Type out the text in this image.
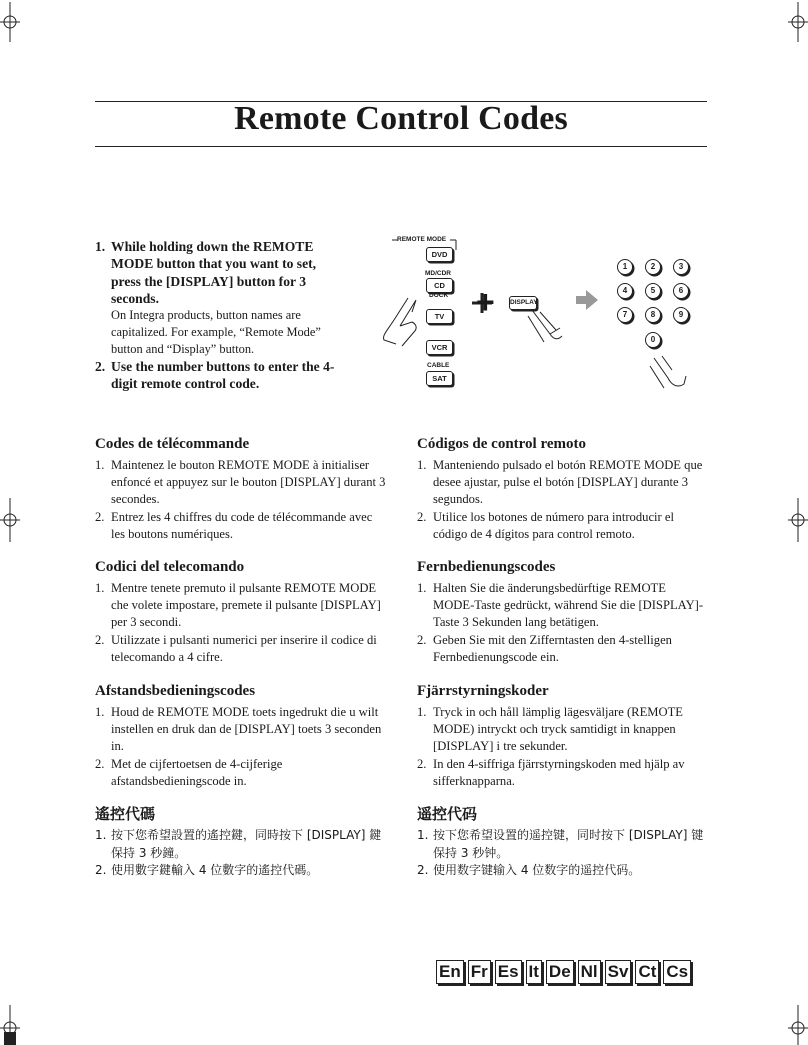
Remote Control Codes
1. While holding down the REMOTE MODE button that you want to set, press the [DISPLAY] button for 3 seconds.
On Integra products, button names are capitalized. For example, “Remote Mode” button and “Display” button.
2. Use the number buttons to enter the 4-digit remote control code.
REMOTE MODE
DVD
MD/CDR
CD
DOCK
TV
VCR
CABLE
SAT
+ DISPLAY
1	2	3
4	5	6
7	8	9
0
Codes de télécommande
1. Maintenez le bouton REMOTE MODE à initialiser enfoncé et appuyez sur le bouton [DISPLAY] durant 3 secondes.
2. Entrez les 4 chiffres du code de télécommande avec les boutons numériques.
Códigos de control remoto
1. Manteniendo pulsado el botón REMOTE MODE que desee ajustar, pulse el botón [DISPLAY] durante 3 segundos.
2. Utilice los botones de número para introducir el código de 4 dígitos para control remoto.
Codici del telecomando
1. Mentre tenete premuto il pulsante REMOTE MODE che volete impostare, premete il pulsante [DISPLAY] per 3 secondi.
2. Utilizzate i pulsanti numerici per inserire il codice di telecomando a 4 cifre.
Fernbedienungscodes
1. Halten Sie die änderungsbedürftige REMOTE MODE-Taste gedrückt, während Sie die [DISPLAY]-Taste 3 Sekunden lang betätigen.
2. Geben Sie mit den Zifferntasten den 4-stelligen Fernbedienungscode ein.
Afstandsbedieningscodes
1. Houd de REMOTE MODE toets ingedrukt die u wilt instellen en druk dan de [DISPLAY] toets 3 seconden in.
2. Met de cijfertoetsen de 4-cijferige afstandsbedieningscode in.
Fjärrstyrningskoder
1. Tryck in och håll lämplig lägesväljare (REMOTE MODE) intryckt och tryck samtidigt in knappen [DISPLAY] i tre sekunder.
2. In den 4-siffriga fjärrstyrningskoden med hjälp av sifferknapparna.
遙控代碼
1. 按下您希望設置的遙控鍵，同時按下 [DISPLAY] 鍵保持 3 秒鐘。
2. 使用數字鍵輸入 4 位數字的遙控代碼。
遥控代码
1. 按下您希望设置的遥控键，同时按下 [DISPLAY] 键保持 3 秒钟。
2. 使用数字键输入 4 位数字的遥控代码。
En Fr Es It De Nl Sv Ct Cs
